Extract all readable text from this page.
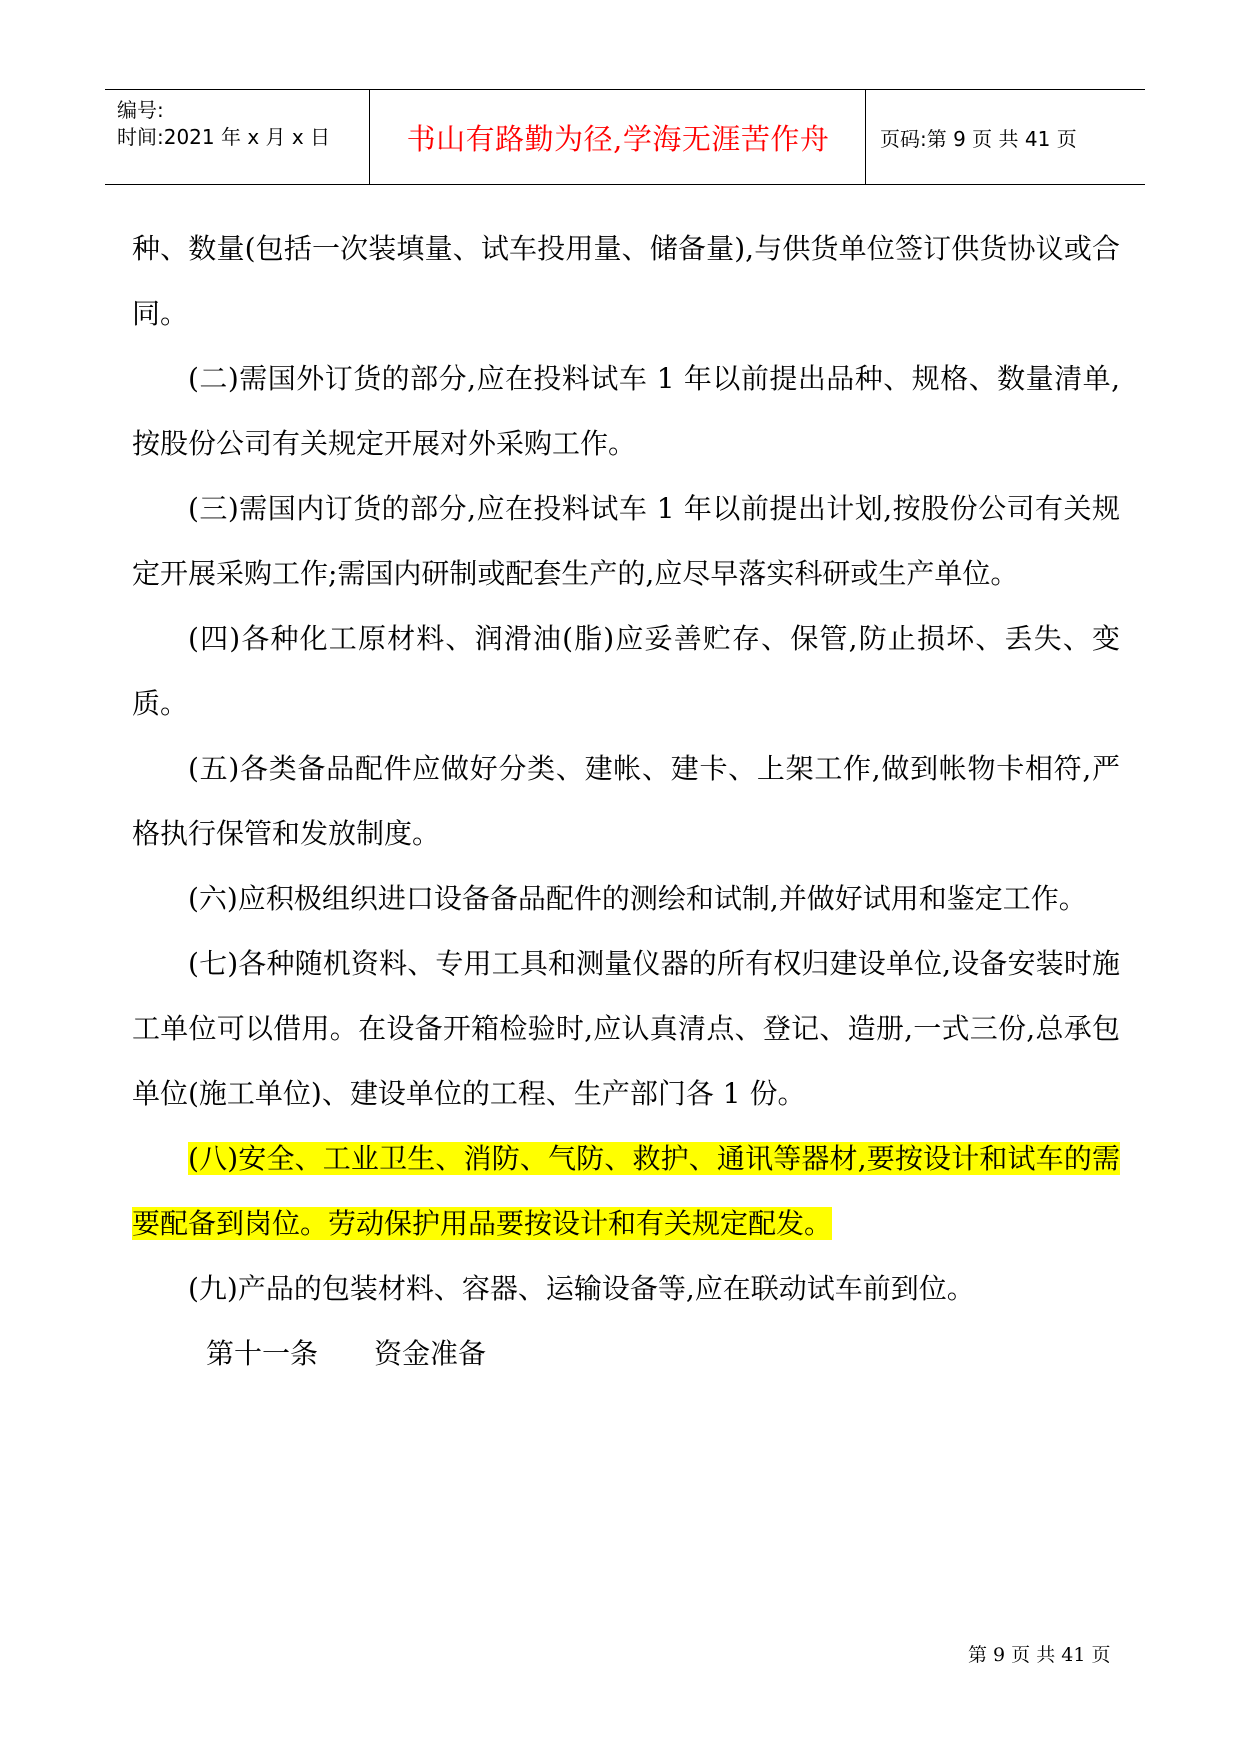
编号:
时间:2021 年 x 月 x 日	书山有路勤为径,学海无涯苦作舟	页码:第 9 页 共 41 页

种、数量(包括一次装填量、试车投用量、储备量),与供货单位签订供货协议或合同。

(二)需国外订货的部分,应在投料试车 1 年以前提出品种、规格、数量清单,按股份公司有关规定开展对外采购工作。

(三)需国内订货的部分,应在投料试车 1 年以前提出计划,按股份公司有关规定开展采购工作;需国内研制或配套生产的,应尽早落实科研或生产单位。

(四)各种化工原材料、润滑油(脂)应妥善贮存、保管,防止损坏、丢失、变质。

(五)各类备品配件应做好分类、建帐、建卡、上架工作,做到帐物卡相符,严格执行保管和发放制度。

(六)应积极组织进口设备备品配件的测绘和试制,并做好试用和鉴定工作。

(七)各种随机资料、专用工具和测量仪器的所有权归建设单位,设备安装时施工单位可以借用。在设备开箱检验时,应认真清点、登记、造册,一式三份,总承包单位(施工单位)、建设单位的工程、生产部门各 1 份。

(八)安全、工业卫生、消防、气防、救护、通讯等器材,要按设计和试车的需要配备到岗位。劳动保护用品要按设计和有关规定配发。

(九)产品的包装材料、容器、运输设备等,应在联动试车前到位。

第十一条　　资金准备

第 9 页 共 41 页
